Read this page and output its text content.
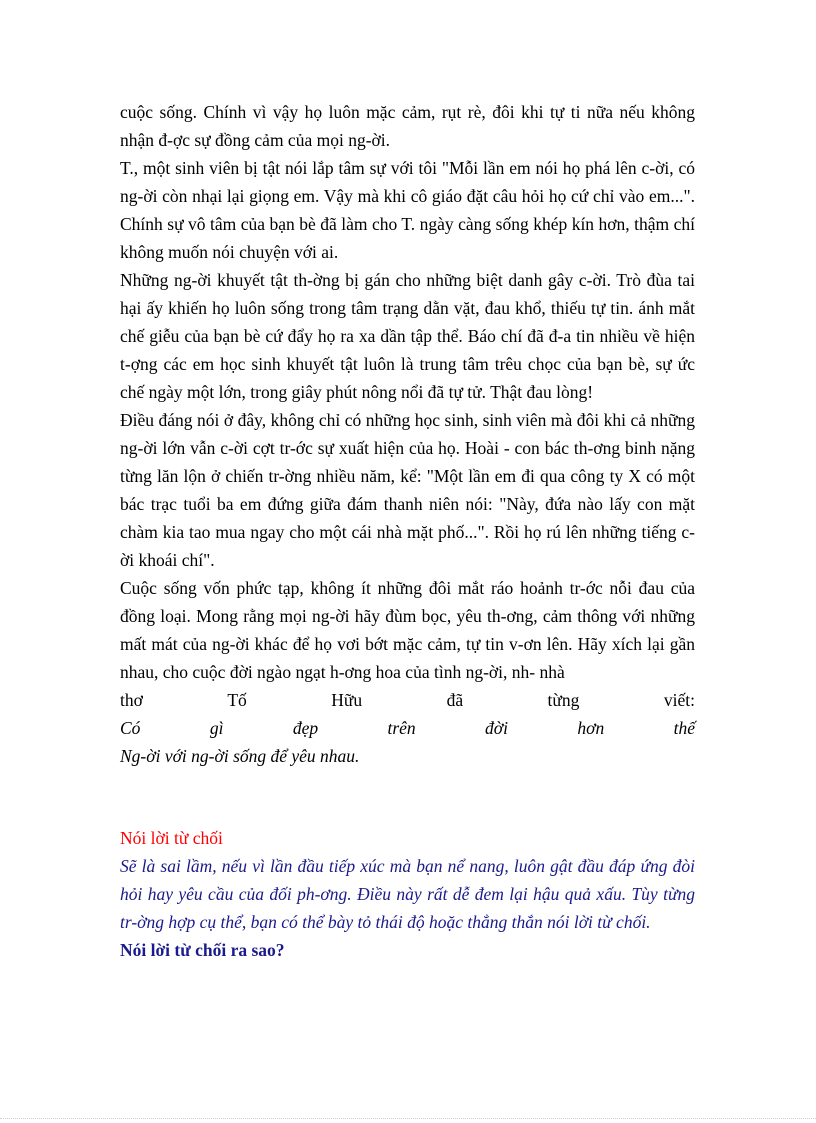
cuộc sống. Chính vì vậy họ luôn mặc cảm, rụt rè, đôi khi tự ti nữa nếu không nhận đ-ợc sự đồng cảm của mọi ng-ời.

T., một sinh viên bị tật nói lắp tâm sự với tôi "Mỗi lần em nói họ phá lên c-ời, có ng-ời còn nhại lại giọng em. Vậy mà khi cô giáo đặt câu hỏi họ cứ chỉ vào em...". Chính sự vô tâm của bạn bè đã làm cho T. ngày càng sống khép kín hơn, thậm chí không muốn nói chuyện với ai.

Những ng-ời khuyết tật th-ờng bị gán cho những biệt danh gây c-ời. Trò đùa tai hại ấy khiến họ luôn sống trong tâm trạng dằn vặt, đau khổ, thiếu tự tin. ánh mắt chế giễu của bạn bè cứ đẩy họ ra xa dần tập thể. Báo chí đã đ-a tin nhiều về hiện t-ợng các em học sinh khuyết tật luôn là trung tâm trêu chọc của bạn bè, sự ức chế ngày một lớn, trong giây phút nông nổi đã tự tử. Thật đau lòng!

Điều đáng nói ở đây, không chỉ có những học sinh, sinh viên mà đôi khi cả những ng-ời lớn vẫn c-ời cợt tr-ớc sự xuất hiện của họ. Hoài - con bác th-ơng binh nặng từng lăn lộn ở chiến tr-ờng nhiều năm, kể: "Một lần em đi qua công ty X có một bác trạc tuổi ba em đứng giữa đám thanh niên nói: "Này, đứa nào lấy con mặt chàm kia tao mua ngay cho một cái nhà mặt phố...". Rồi họ rú lên những tiếng c-ời khoái chí".

Cuộc sống vốn phức tạp, không ít những đôi mắt ráo hoảnh tr-ớc nỗi đau của đồng loại. Mong rằng mọi ng-ời hãy đùm bọc, yêu th-ơng, cảm thông với những mất mát của ng-ời khác để họ vơi bớt mặc cảm, tự tin v-ơn lên. Hãy xích lại gần nhau, cho cuộc đời ngào ngạt h-ơng hoa của tình ng-ời, nh- nhà

thơ	Tố	Hữu	đã	từng	viết:
Có	gì	đẹp	trên	đời	hơn	thế
Ng-ời với ng-ời sống để yêu nhau.
Nói lời từ chối

Sẽ là sai lầm, nếu vì lần đầu tiếp xúc mà bạn nể nang, luôn gật đầu đáp ứng đòi hỏi hay yêu cầu của đối ph-ơng. Điều này rất dễ đem lại hậu quả xấu. Tùy từng tr-ờng hợp cụ thể, bạn có thể bày tỏ thái độ hoặc thẳng thắn nói lời từ chối.

Nói lời từ chối ra sao?
